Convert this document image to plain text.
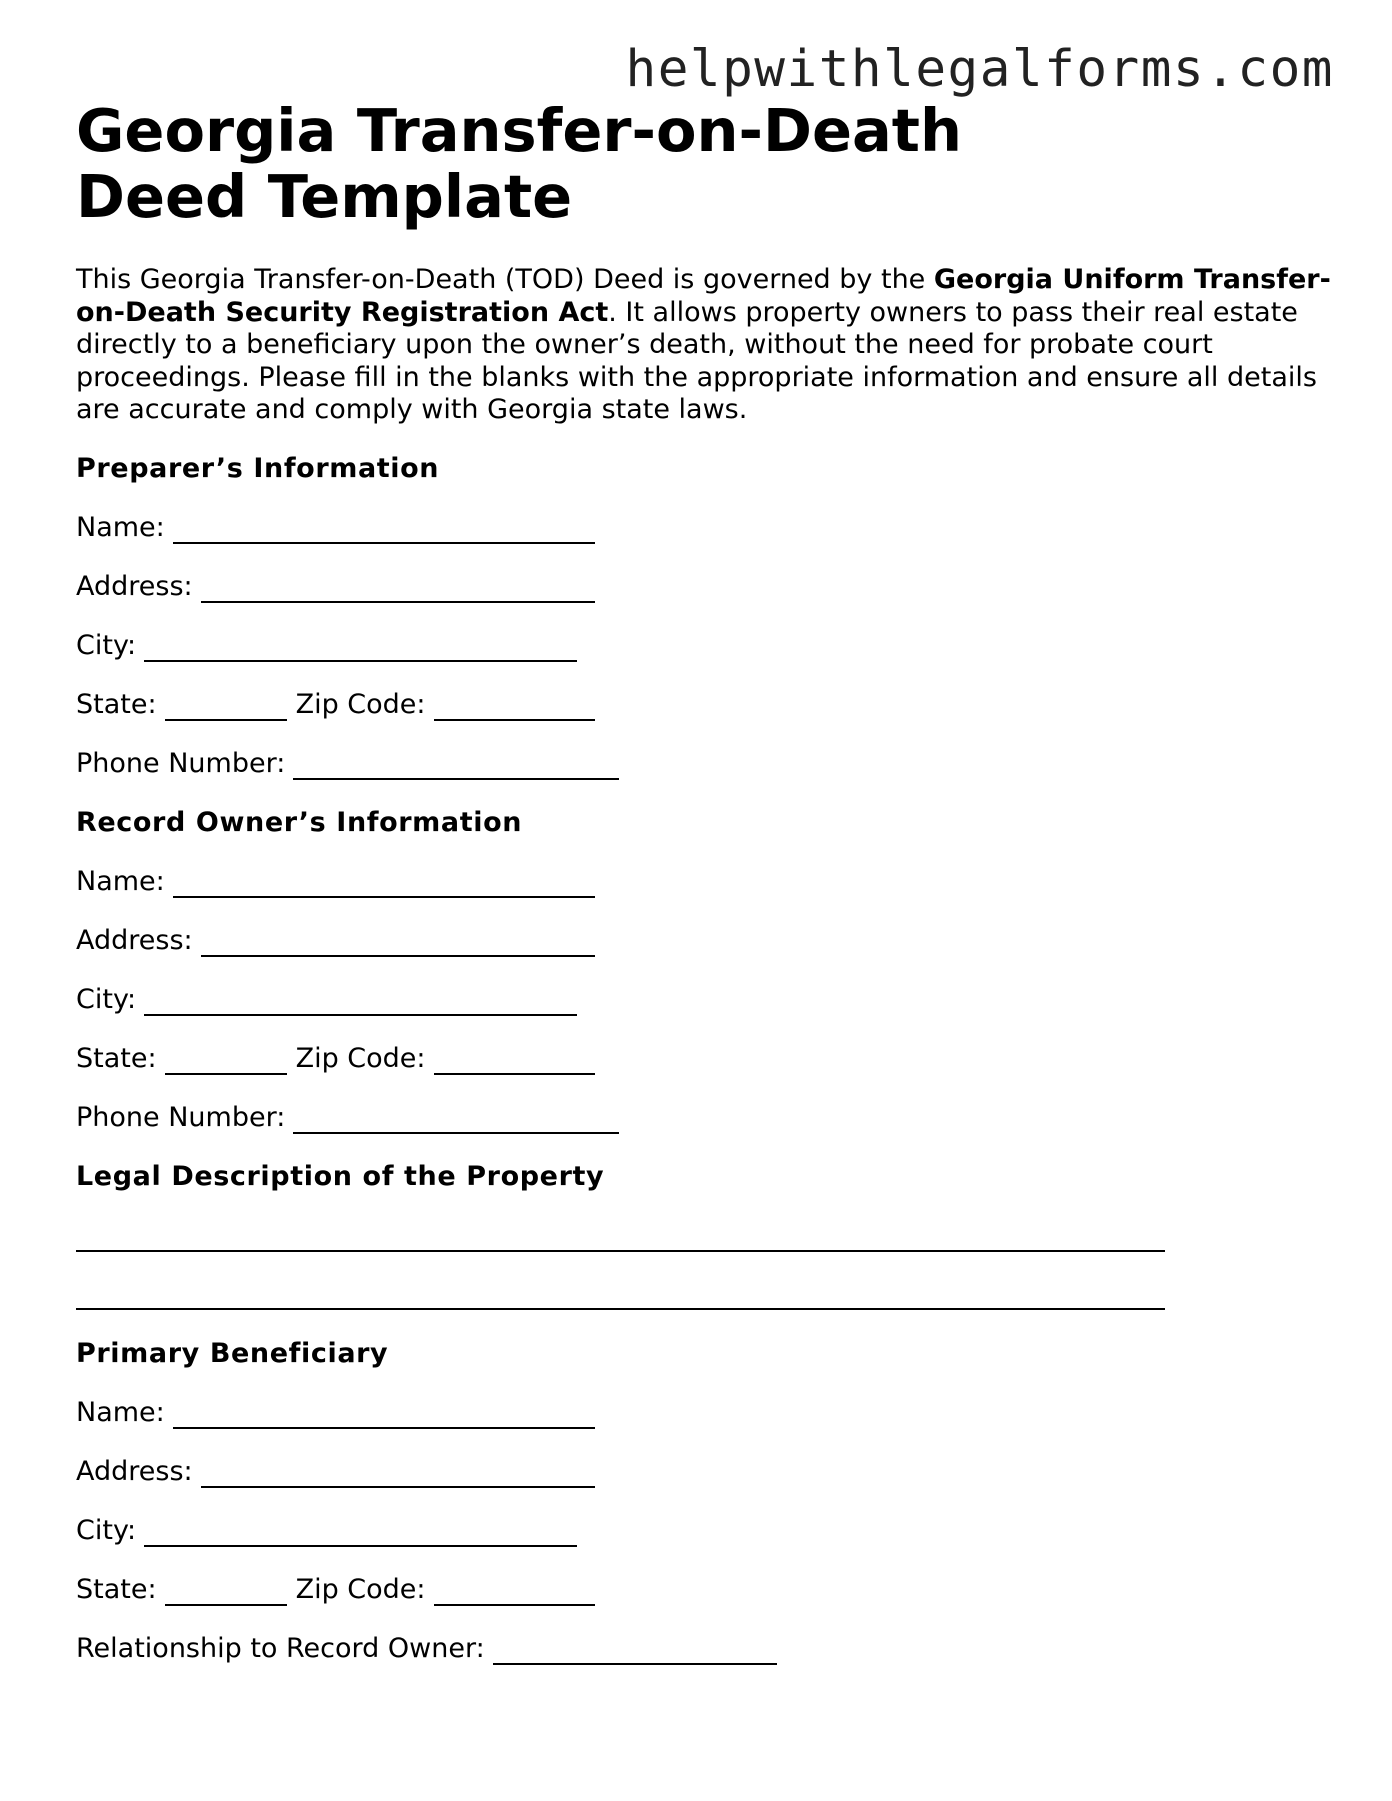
helpwithlegalforms.com
Georgia Transfer-on-Death Deed Template

This Georgia Transfer-on-Death (TOD) Deed is governed by the Georgia Uniform Transfer-on-Death Security Registration Act. It allows property owners to pass their real estate directly to a beneficiary upon the owner’s death, without the need for probate court proceedings. Please fill in the blanks with the appropriate information and ensure all details are accurate and comply with Georgia state laws.

Preparer’s Information
Name:
Address:
City:
State:	Zip Code:
Phone Number:
Record Owner’s Information
Name:
Address:
City:
State:	Zip Code:
Phone Number:
Legal Description of the Property
Primary Beneficiary
Name:
Address:
City:
State:	Zip Code:
Relationship to Record Owner:
